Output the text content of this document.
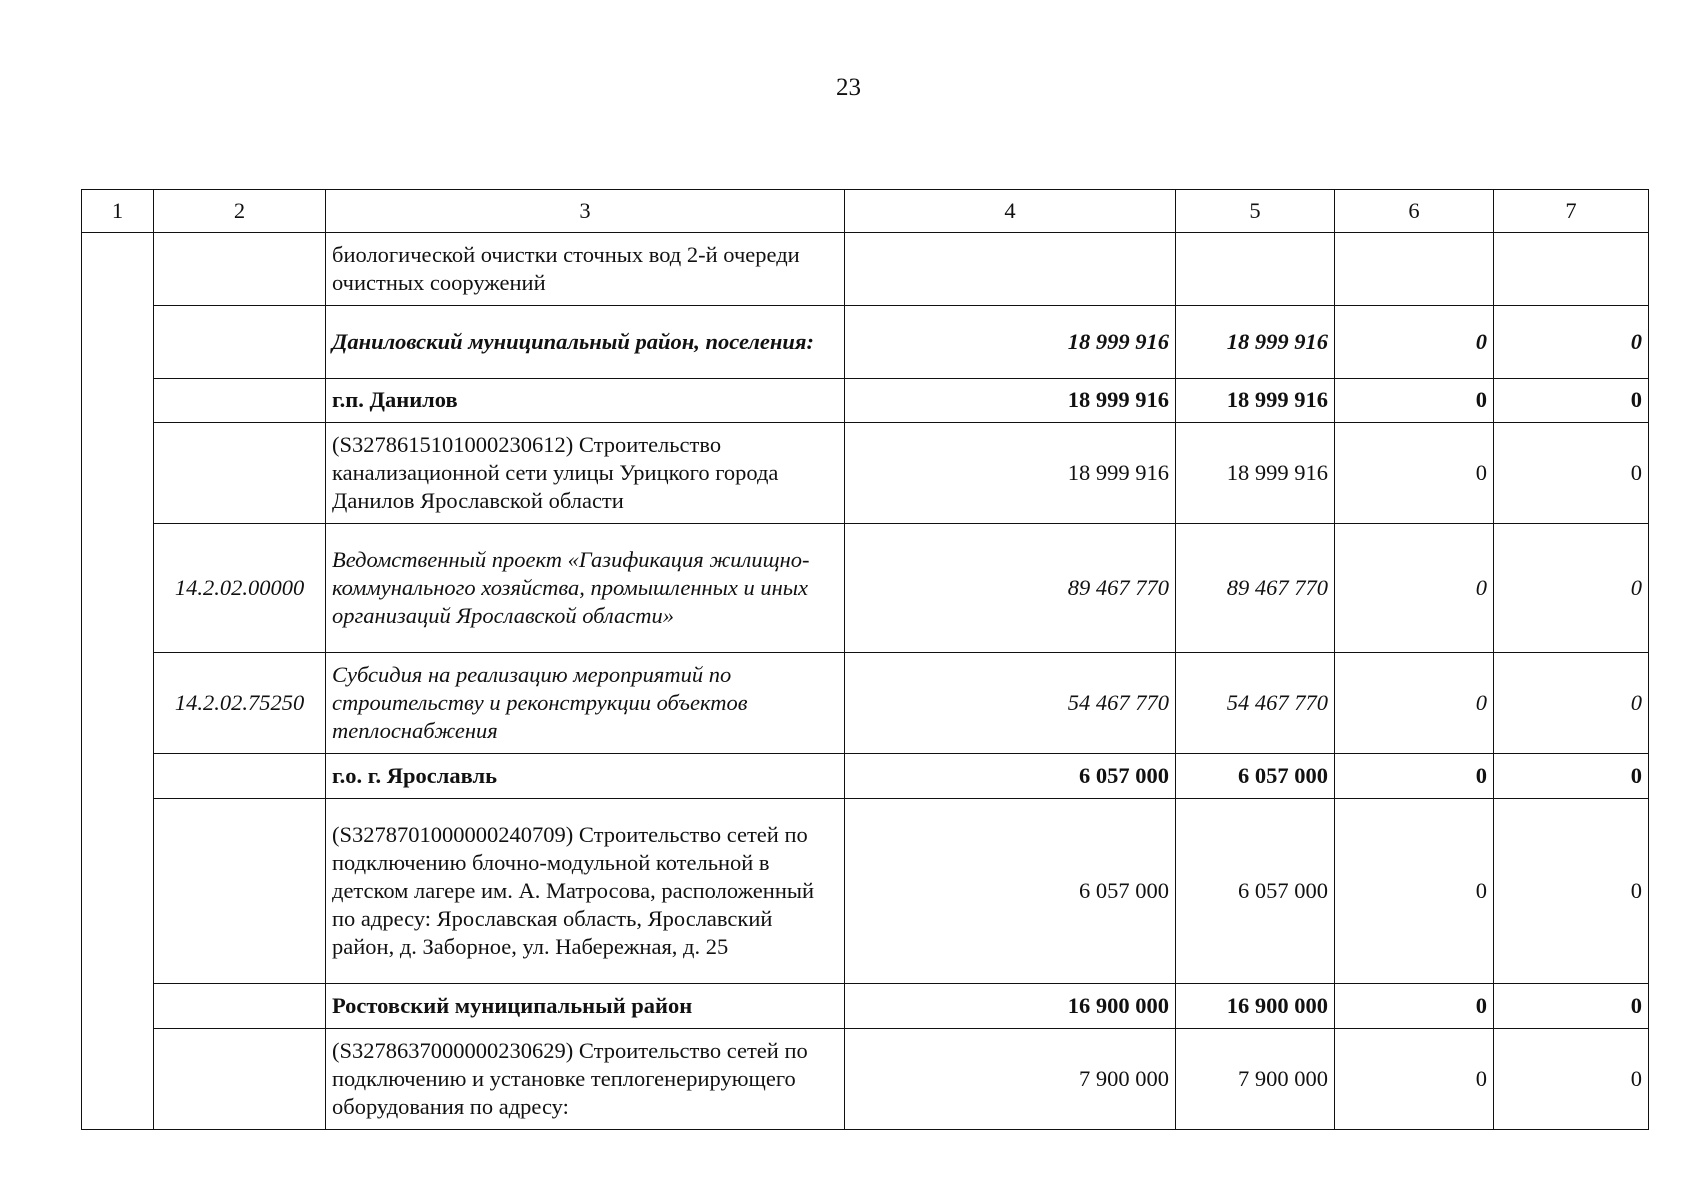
23
1	2	3	4	5	6	7
		биологической очистки сточных вод 2-й очереди очистных сооружений				
		Даниловский муниципальный район, поселения:	18 999 916	18 999 916	0	0
		г.п. Данилов	18 999 916	18 999 916	0	0
		(S327861510100023061​2) Строительство канализационной сети улицы Урицкого города Данилов Ярославской области	18 999 916	18 999 916	0	0
	14.2.02.00000	Ведомственный проект «Газификация жилищно-коммунального хозяйства, промышленных и иных организаций Ярославской области»	89 467 770	89 467 770	0	0
	14.2.02.75250	Субсидия на реализацию мероприятий по строительству и реконструкции объектов теплоснабжения	54 467 770	54 467 770	0	0
		г.о. г. Ярославль	6 057 000	6 057 000	0	0
		(S327870100000024070​9) Строительство сетей по подключению блочно-модульной котельной в детском лагере им. А. Матросова, расположенный по адресу: Ярославская область, Ярославский район, д. Заборное, ул. Набережная, д. 25	6 057 000	6 057 000	0	0
		Ростовский муниципальный район	16 900 000	16 900 000	0	0
		(S327863700000023062​9) Строительство сетей по подключению и установке теплогенерирующего оборудования по адресу:	7 900 000	7 900 000	0	0
